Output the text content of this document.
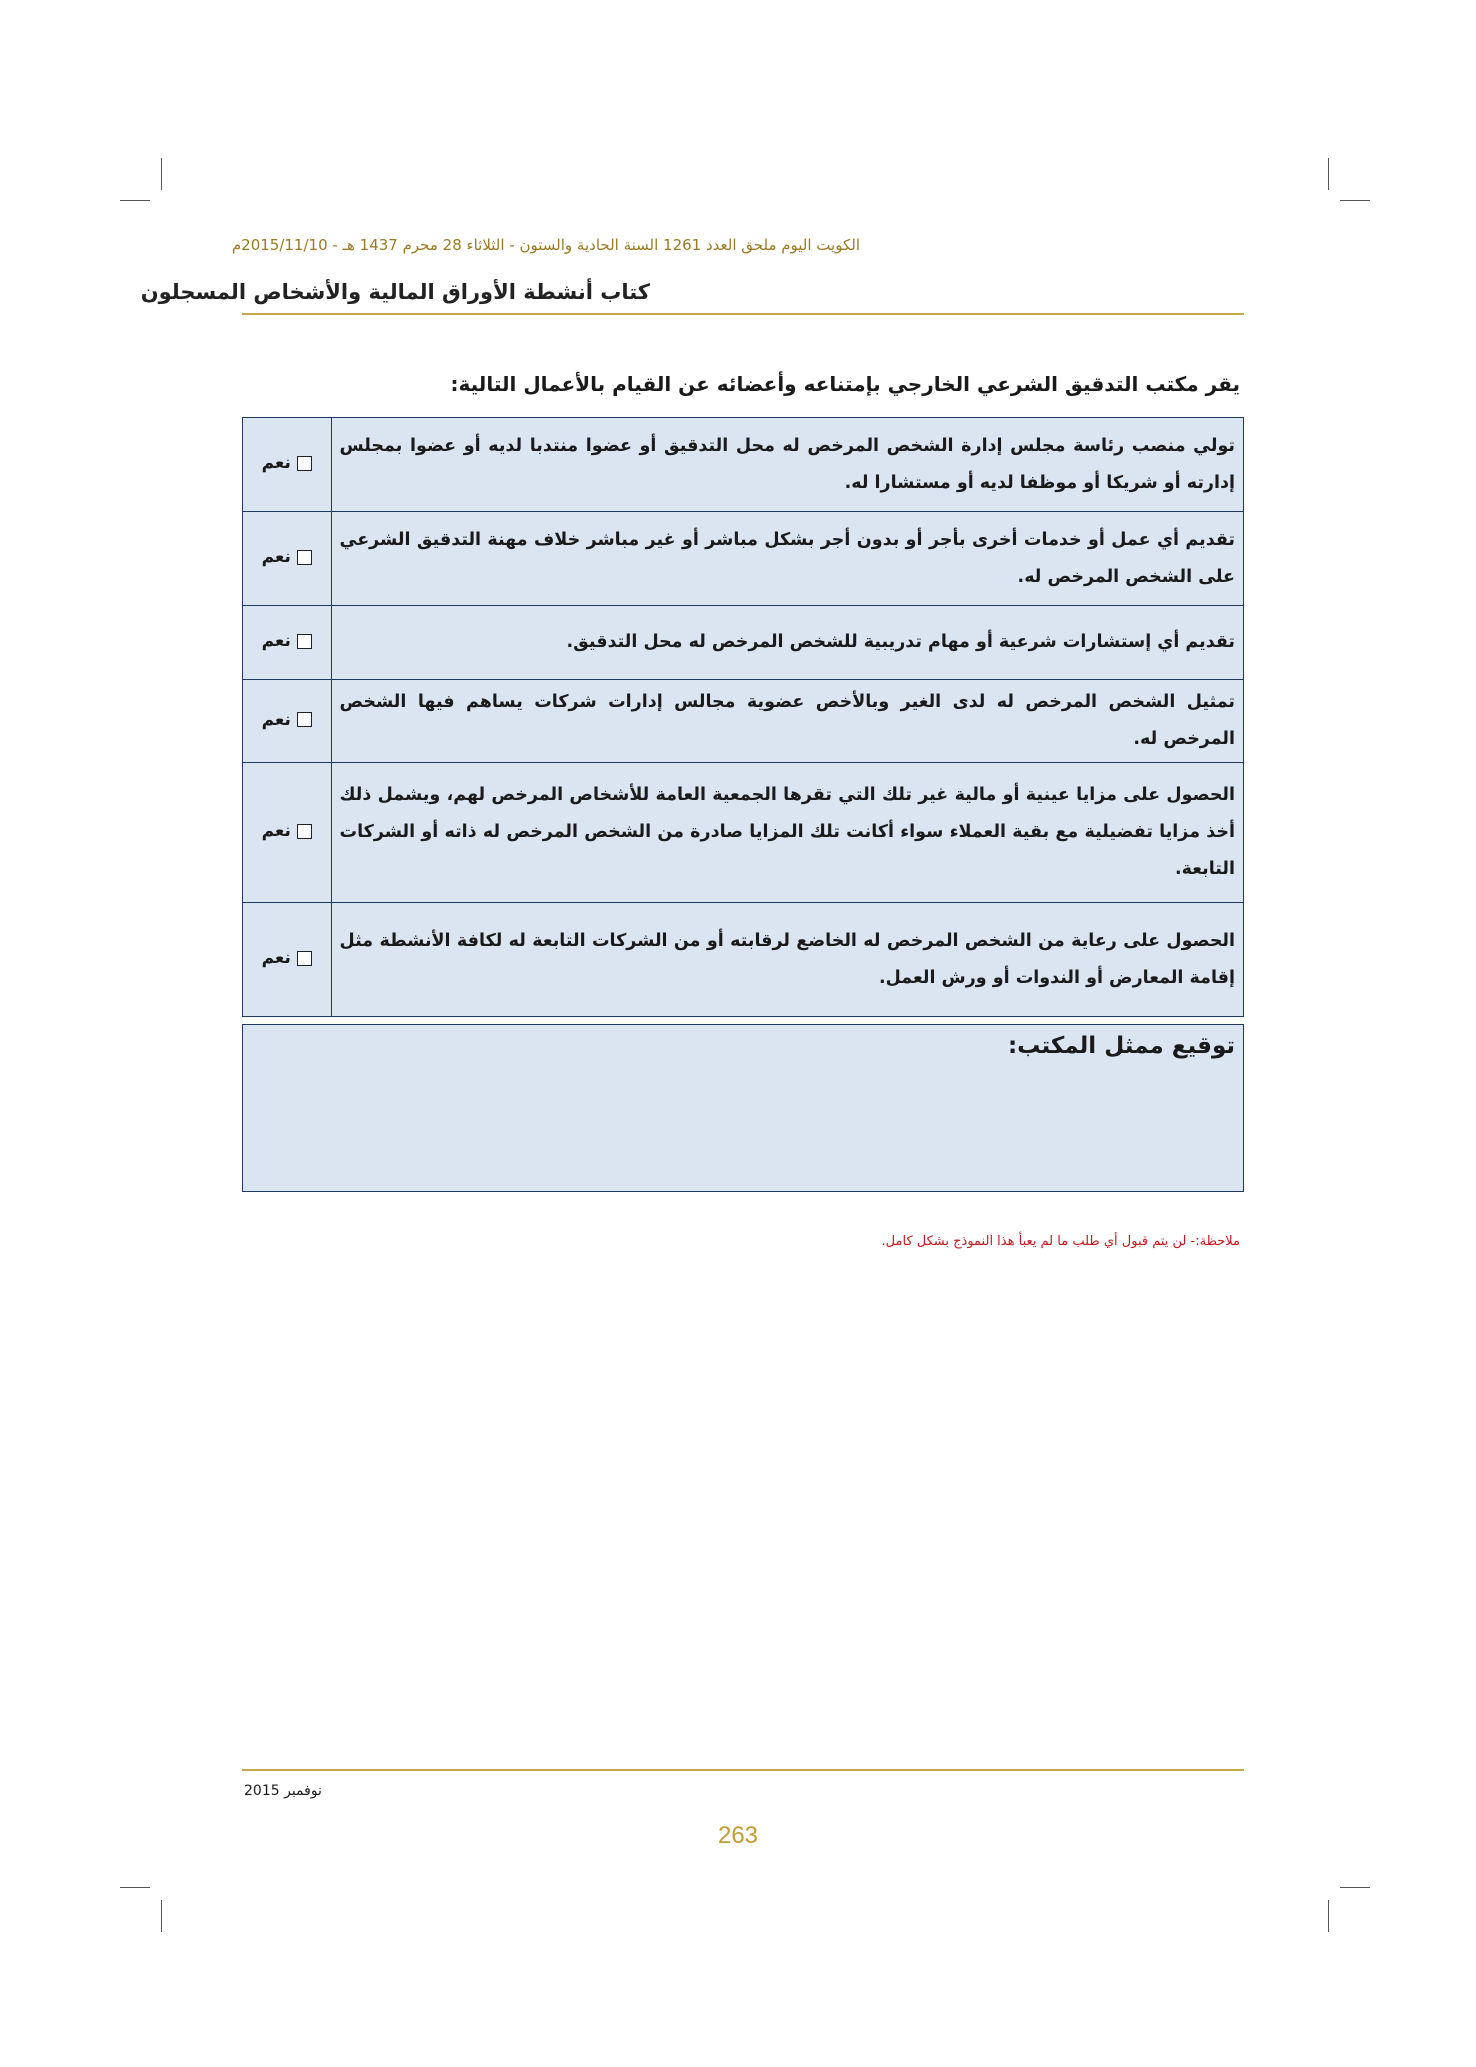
الكويت اليوم ملحق العدد 1261 السنة الحادية والستون - الثلاثاء 28 محرم 1437 هـ - 2015/11/10م
كتاب أنشطة الأوراق المالية والأشخاص المسجلون
يقر مكتب التدقيق الشرعي الخارجي بإمتناعه وأعضائه عن القيام بالأعمال التالية:
تولي منصب رئاسة مجلس إدارة الشخص المرخص له محل التدقيق أو عضوا منتدبا لديه أو عضوا بمجلس إدارته أو شريكا أو موظفا لديه أو مستشارا له.	نعم

تقديم أي عمل أو خدمات أخرى بأجر أو بدون أجر بشكل مباشر أو غير مباشر خلاف مهنة التدقيق الشرعي على الشخص المرخص له.	نعم

تقديم أي إستشارات شرعية أو مهام تدريبية للشخص المرخص له محل التدقيق.	نعم

تمثيل الشخص المرخص له لدى الغير وبالأخص عضوية مجالس إدارات شركات يساهم فيها الشخص المرخص له.	نعم

الحصول على مزايا عينية أو مالية غير تلك التي تقرها الجمعية العامة للأشخاص المرخص لهم، ويشمل ذلك أخذ مزايا تفضيلية مع بقية العملاء سواء أكانت تلك المزايا صادرة من الشخص المرخص له ذاته أو الشركات التابعة.	نعم

الحصول على رعاية من الشخص المرخص له الخاضع لرقابته أو من الشركات التابعة له لكافة الأنشطة مثل إقامة المعارض أو الندوات أو ورش العمل.	نعم
توقيع ممثل المكتب:
ملاحظة:- لن يتم قبول أي طلب ما لم يعبأ هذا النموذج بشكل كامل.
نوفمبر 2015
263
